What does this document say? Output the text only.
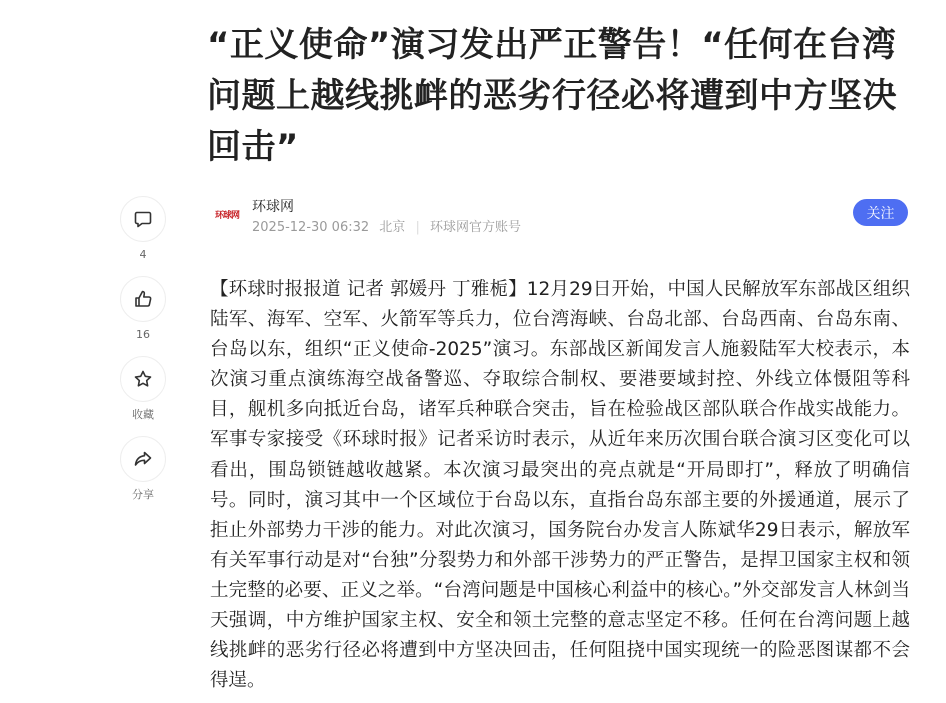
“正义使命”演习发出严正警告！“任何在台湾问题上越线挑衅的恶劣行径必将遭到中方坚决回击”
环球网
环球网
2025-12-30 06:32 北京 | 环球网官方账号
关注
4
16
收藏
分享

【环球时报报道 记者 郭媛丹 丁雅栀】12月29日开始，中国人民解放军东部战区组织陆军、海军、空军、火箭军等兵力，位台湾海峡、台岛北部、台岛西南、台岛东南、台岛以东，组织“正义使命-2025”演习。东部战区新闻发言人施毅陆军大校表示，本次演习重点演练海空战备警巡、夺取综合制权、要港要域封控、外线立体慑阻等科目，舰机多向抵近台岛，诸军兵种联合突击，旨在检验战区部队联合作战实战能力。军事专家接受《环球时报》记者采访时表示，从近年来历次围台联合演习区变化可以看出，围岛锁链越收越紧。本次演习最突出的亮点就是“开局即打”，释放了明确信号。同时，演习其中一个区域位于台岛以东，直指台岛东部主要的外援通道，展示了拒止外部势力干涉的能力。对此次演习，国务院台办发言人陈斌华29日表示，解放军有关军事行动是对“台独”分裂势力和外部干涉势力的严正警告，是捍卫国家主权和领土完整的必要、正义之举。“台湾问题是中国核心利益中的核心。”外交部发言人林剑当天强调，中方维护国家主权、安全和领土完整的意志坚定不移。任何在台湾问题上越线挑衅的恶劣行径必将遭到中方坚决回击，任何阻挠中国实现统一的险恶图谋都不会得逞。
